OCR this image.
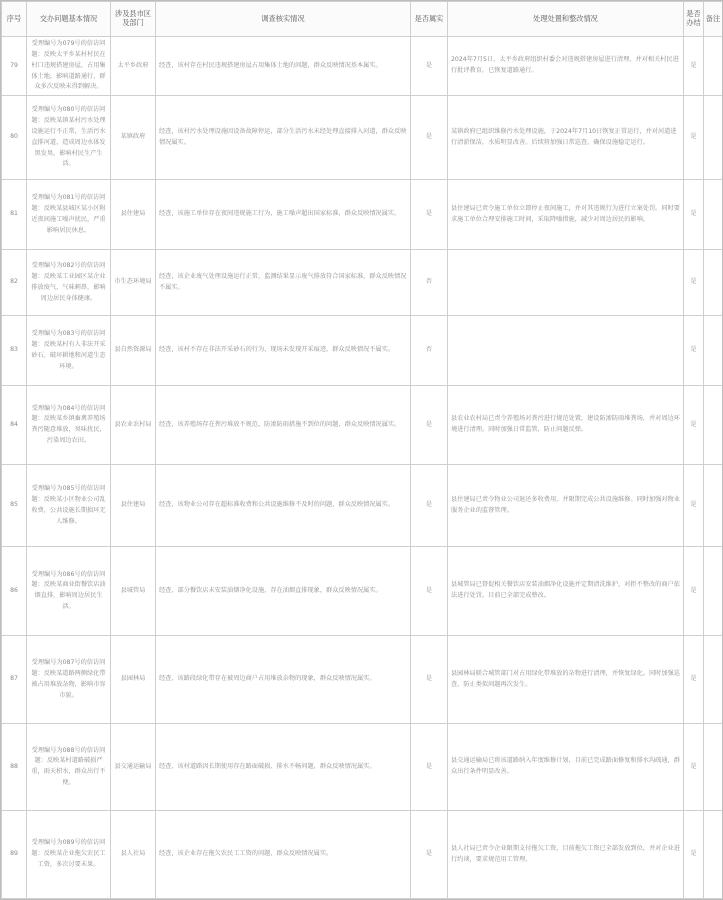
序号	交办问题基本情况	涉及县市区及部门	调查核实情况	是否属实	处理处置和整改情况	是否办结	备注
79	受理编号为079号的信访问题：反映太平乡某村村民在村口违规搭建房屋，占用集体土地，影响道路通行，群众多次反映未得到解决。	太平乡政府	经查，该村存在村民违规搭建房屋占用集体土地的问题，群众反映情况基本属实。	是	2024年7月5日，太平乡政府组织村委会对违规搭建房屋进行清理，并对相关村民进行批评教育，已恢复道路通行。	是	
80	受理编号为080号的信访问题：反映某镇某村污水处理设施运行不正常，生活污水直排河道，造成周边水体发黑发臭，影响村民生产生活。	某镇政府	经查，该村污水处理设施因设备故障停运，部分生活污水未经处理直接排入河道，群众反映情况属实。	是	某镇政府已组织维修污水处理设施，于2024年7月10日恢复正常运行，并对河道进行清淤保洁，水质明显改善。后续将加强日常巡查，确保设施稳定运行。	是	
81	受理编号为081号的信访问题：反映某县城区某小区附近夜间施工噪声扰民，严重影响居民休息。	县住建局	经查，该施工单位存在夜间违规施工行为，施工噪声超出国家标准，群众反映情况属实。	是	县住建局已责令施工单位立即停止夜间施工，并对其违规行为进行立案处罚。同时要求施工单位合理安排施工时间，采取降噪措施，减少对周边居民的影响。	是	
82	受理编号为082号的信访问题：反映某工业园区某企业排放废气，气味刺鼻，影响周边居民身体健康。	市生态环境局	经查，该企业废气处理设施运行正常，监测结果显示废气排放符合国家标准，群众反映情况不属实。	否		是	
83	受理编号为083号的信访问题：反映某村有人非法开采砂石，破坏耕地和河道生态环境。	县自然资源局	经查，该村不存在非法开采砂石的行为，现场未发现开采痕迹，群众反映情况不属实。	否		是	
84	受理编号为084号的信访问题：反映某乡镇畜禽养殖场粪污随意堆放，臭味扰民，污染周边农田。	县农业农村局	经查，该养殖场存在粪污堆放不规范、防渗防雨措施不到位的问题，群众反映情况属实。	是	县农业农村局已责令养殖场对粪污进行规范处置，建设防渗防雨堆粪场，并对周边环境进行清理。同时加强日常监管，防止问题反弹。	是	
85	受理编号为085号的信访问题：反映某小区物业公司乱收费，公共设施长期损坏无人维修。	县住建局	经查，该物业公司存在超标准收费和公共设施维修不及时的问题，群众反映情况属实。	是	县住建局已责令物业公司退还多收费用，并限期完成公共设施维修。同时加强对物业服务企业的监督管理。	是	
86	受理编号为086号的信访问题：反映某商业街餐饮店油烟直排，影响周边居民生活。	县城管局	经查，部分餐饮店未安装油烟净化设施，存在油烟直排现象，群众反映情况属实。	是	县城管局已督促相关餐饮店安装油烟净化设施并定期清洗维护，对拒不整改的商户依法进行处罚。目前已全部完成整改。	是	
87	受理编号为087号的信访问题：反映某道路两侧绿化带被占用堆放杂物，影响市容市貌。	县园林局	经查，该路段绿化带存在被周边商户占用堆放杂物的现象，群众反映情况属实。	是	县园林局联合城管部门对占用绿化带堆放的杂物进行清理，并恢复绿化。同时加强巡查，防止类似问题再次发生。	是	
88	受理编号为088号的信访问题：反映某村道路破损严重，雨天积水，群众出行不便。	县交通运输局	经查，该村道路因长期使用存在路面破损、排水不畅问题，群众反映情况属实。	是	县交通运输局已将该道路纳入年度维修计划，目前已完成路面修复和排水沟疏通，群众出行条件明显改善。	是	
89	受理编号为089号的信访问题：反映某企业拖欠农民工工资，多次讨要未果。	县人社局	经查，该企业存在拖欠农民工工资的问题，群众反映情况属实。	是	县人社局已责令企业限期支付拖欠工资，目前拖欠工资已全部发放到位，并对企业进行约谈，要求规范用工管理。	是	
